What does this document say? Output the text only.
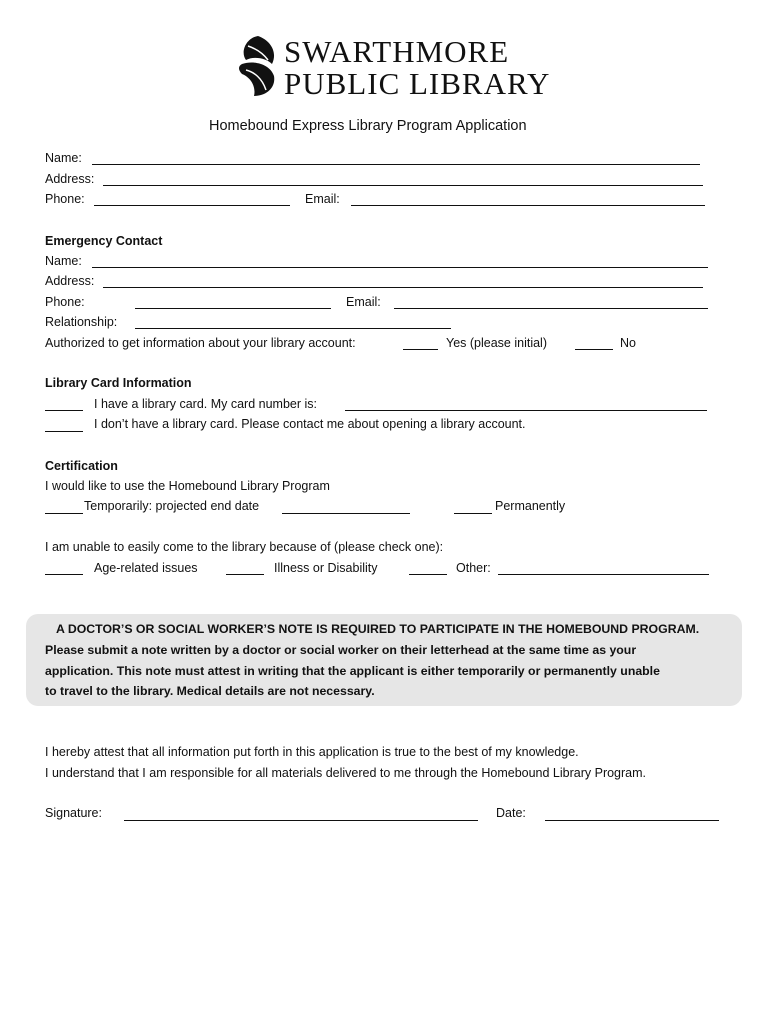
SWARTHMORE
PUBLIC LIBRARY
Homebound Express Library Program Application
Name:
Address:
Phone:	Email:
Emergency Contact
Name:
Address:
Phone:	Email:
Relationship:
Authorized to get information about your library account:	Yes (please initial)	No
Library Card Information
I have a library card. My card number is:
I don’t have a library card. Please contact me about opening a library account.
Certification
I would like to use the Homebound Library Program
Temporarily: projected end date	Permanently
I am unable to easily come to the library because of (please check one):
Age-related issues	Illness or Disability	Other:
A DOCTOR’S OR SOCIAL WORKER’S NOTE IS REQUIRED TO PARTICIPATE IN THE HOMEBOUND PROGRAM.
Please submit a note written by a doctor or social worker on their letterhead at the same time as your
application. This note must attest in writing that the applicant is either temporarily or permanently unable
to travel to the library. Medical details are not necessary.
I hereby attest that all information put forth in this application is true to the best of my knowledge.
I understand that I am responsible for all materials delivered to me through the Homebound Library Program.
Signature:	Date:
